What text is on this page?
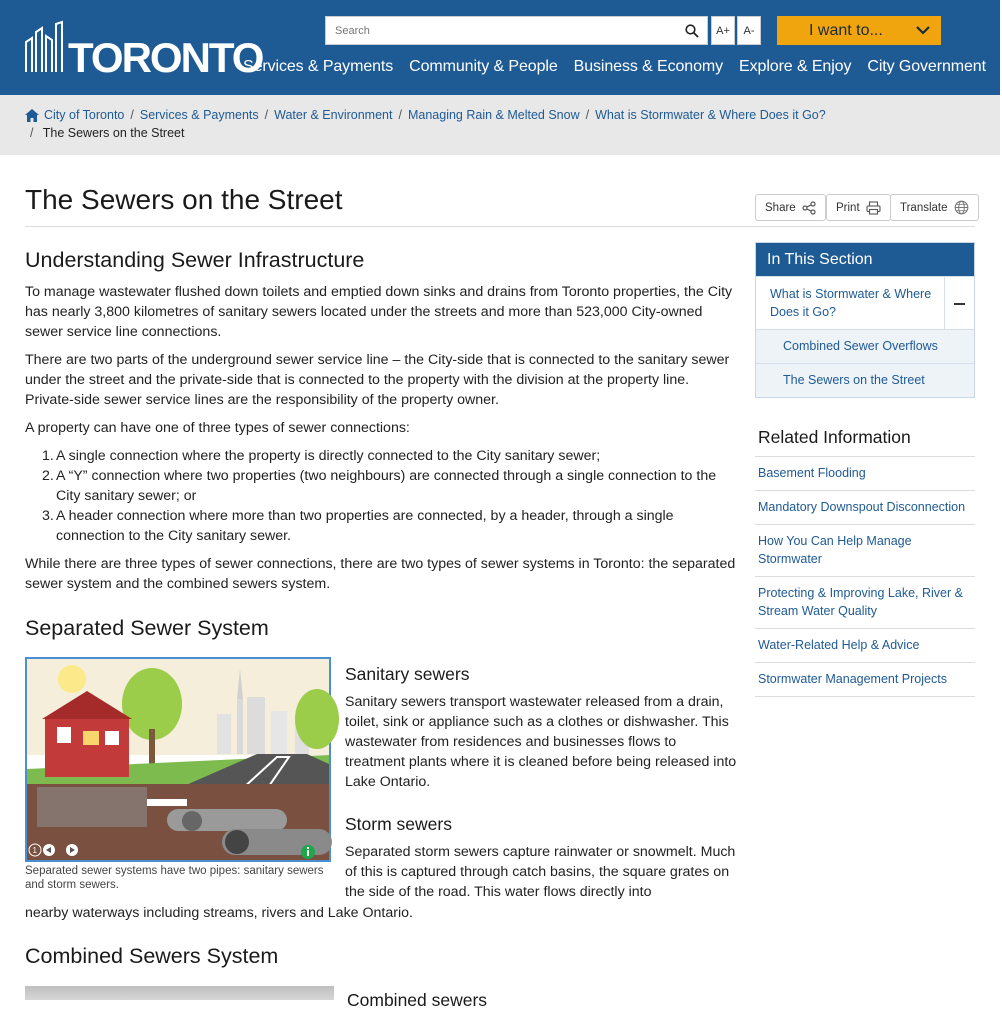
TORONTO
Search
A+	A-	I want to...
Services & Payments Community & People Business & Economy Explore & Enjoy City Government
City of Toronto / Services & Payments / Water & Environment / Managing Rain & Melted Snow / What is Stormwater & Where Does it Go?
/ The Sewers on the Street
The Sewers on the Street	Share	Print	Translate
Understanding Sewer Infrastructure

To manage wastewater flushed down toilets and emptied down sinks and drains from Toronto properties, the City has nearly 3,800 kilometres of sanitary sewers located under the streets and more than 523,000 City-owned sewer service line connections.

There are two parts of the underground sewer service line – the City-side that is connected to the sanitary sewer under the street and the private-side that is connected to the property with the division at the property line. Private-side sewer service lines are the responsibility of the property owner.

A property can have one of three types of sewer connections:

1. A single connection where the property is directly connected to the City sanitary sewer;
2. A “Y” connection where two properties (two neighbours) are connected through a single connection to the City sanitary sewer; or
3. A header connection where more than two properties are connected, by a header, through a single connection to the City sanitary sewer.

While there are three types of sewer connections, there are two types of sewer systems in Toronto: the separated sewer system and the combined sewers system.

Separated Sewer System
1
Separated sewer systems have two pipes: sanitary sewers and storm sewers.
Sanitary sewers

Sanitary sewers transport wastewater released from a drain, toilet, sink or appliance such as a clothes or dishwasher. This wastewater from residences and businesses flows to treatment plants where it is cleaned before being released into Lake Ontario.

Storm sewers

Separated storm sewers capture rainwater or snowmelt. Much of this is captured through catch basins, the square grates on the side of the road. This water flows directly into

nearby waterways including streams, rivers and Lake Ontario.

Combined Sewers System
Combined sewers
In This Section
What is Stormwater & Where Does it Go?
Combined Sewer Overflows
The Sewers on the Street
Related Information
Basement Flooding
Mandatory Downspout Disconnection
How You Can Help Manage Stormwater
Protecting & Improving Lake, River & Stream Water Quality
Water-Related Help & Advice
Stormwater Management Projects
